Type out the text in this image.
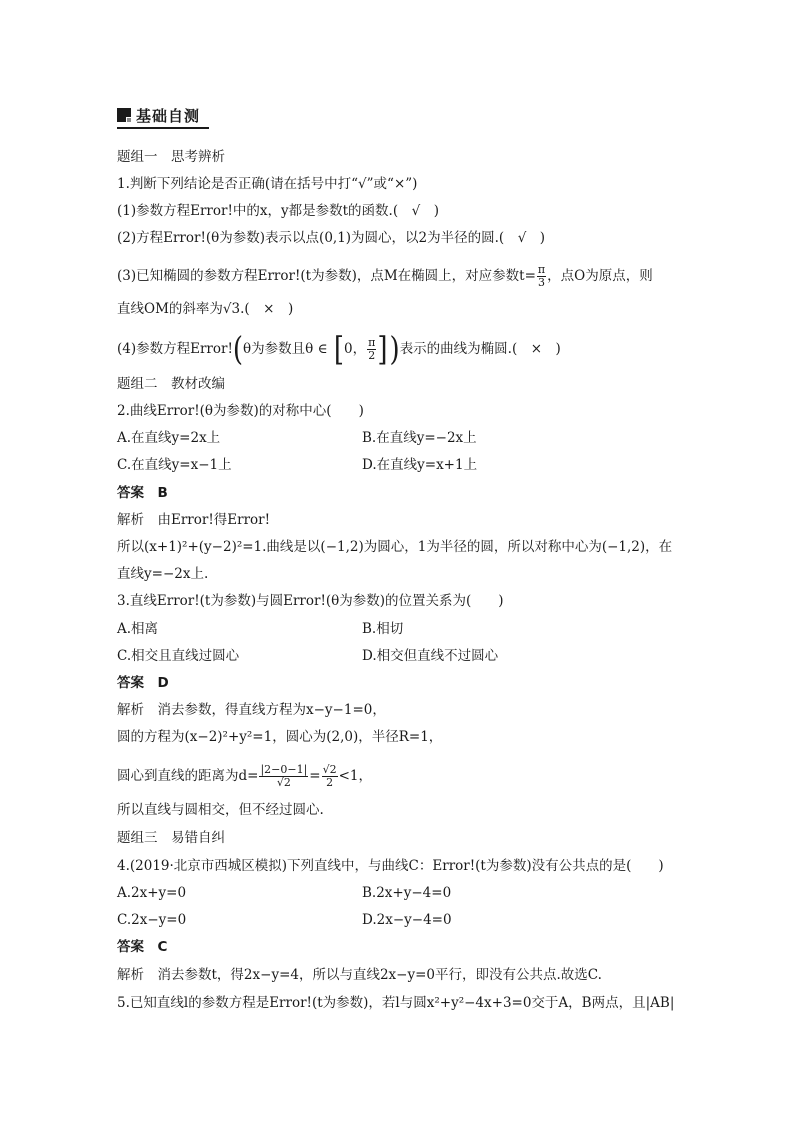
基础自测
题组一　思考辨析
1.判断下列结论是否正确(请在括号中打“√”或“×”)
(1)参数方程Error!中的x，y都是参数t的函数.(　√　)
(2)方程Error!(θ为参数)表示以点(0,1)为圆心，以2为半径的圆.(　√　)
(3)已知椭圆的参数方程Error!(t为参数)，点M在椭圆上，对应参数$t= \frac{\pi}{3}$ ，点O为原点，则
直线OM的斜率为√3.(　×　)
(4)参数方程Error!(θ为参数且θ ∈ [0， $\frac{\pi}{2}$ ])表示的曲线为椭圆.(　×　)
题组二　教材改编
2.曲线Error!(θ为参数)的对称中心(　　)
A.在直线y=2x上	B.在直线y=−2x上
C.在直线y=x−1上	D.在直线y=x+1上
答案　B
解析　由Error!得Error!
所以(x+1)²+(y−2)²=1.曲线是以(−1,2)为圆心，1为半径的圆，所以对称中心为(−1,2)，在
直线y=−2x上.
3.直线Error!(t为参数)与圆Error!(θ为参数)的位置关系为(　　)
A.相离	B.相切
C.相交且直线过圆心	D.相交但直线不过圆心
答案　D
解析　消去参数，得直线方程为x−y−1=0，
圆的方程为(x−2)²+y²=1，圆心为(2,0)，半径R=1，
圆心到直线的距离为$d= \frac{|2-0-1|}{√2} = \frac{√2}{2} <1$，
所以直线与圆相交，但不经过圆心.
题组三　易错自纠
4.(2019·北京市西城区模拟)下列直线中，与曲线C：Error!(t为参数)没有公共点的是(　　)
A.2x+y=0	B.2x+y−4=0
C.2x−y=0	D.2x−y−4=0
答案　C
解析　消去参数t，得2x−y=4，所以与直线2x−y=0平行，即没有公共点.故选C.
5.已知直线l的参数方程是Error!(t为参数)，若l与圆x²+y²−4x+3=0交于A，B两点，且|AB|
